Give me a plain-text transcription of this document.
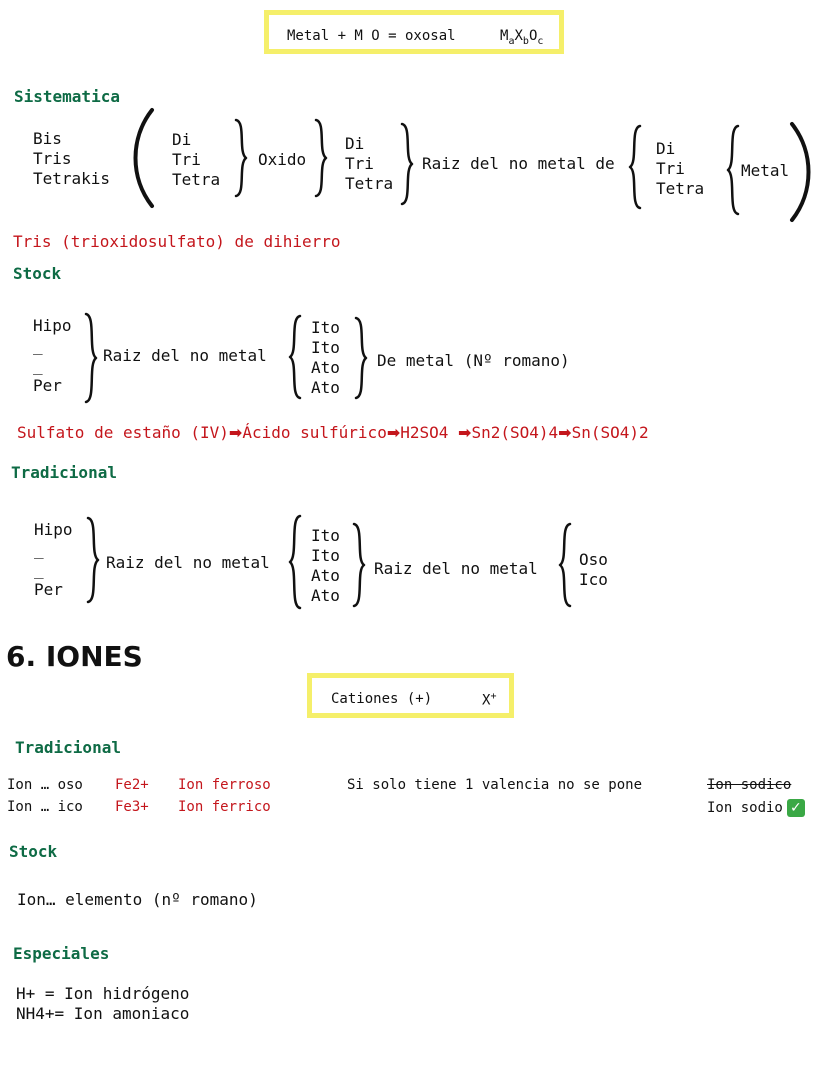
Metal + M O = oxosal	$M_aX_bO_c$
Sistematica
Bis
Tris
Tetrakis
Di
Tri
Tetra
Oxido
Di
Tri
Tetra
Raiz del no metal de
Di
Tri
Tetra
Metal
Tris (trioxidosulfato) de dihierro
Stock
Hipo
_
_
Per
Raiz del no metal
Ito
Ito
Ato
Ato
De metal (Nº romano)
Sulfato de estaño (IV)➡Ácido sulfúrico➡H2SO4 ➡Sn2(SO4)4➡Sn(SO4)2
Tradicional
Hipo
_
_
Per
Raiz del no metal
Ito
Ito
Ato
Ato
Raiz del no metal	Oso
Ico
6. IONES
Cationes (+)	X+
Tradicional
Ion … oso Fe2+ Ion ferroso
Ion … ico Fe3+ Ion ferrico
Si solo tiene 1 valencia no se pone	Ion sodico
Ion sodio ✓
Stock
Ion… elemento (nº romano)
Especiales
H+ = Ion hidrógeno
NH4+= Ion amoniaco
